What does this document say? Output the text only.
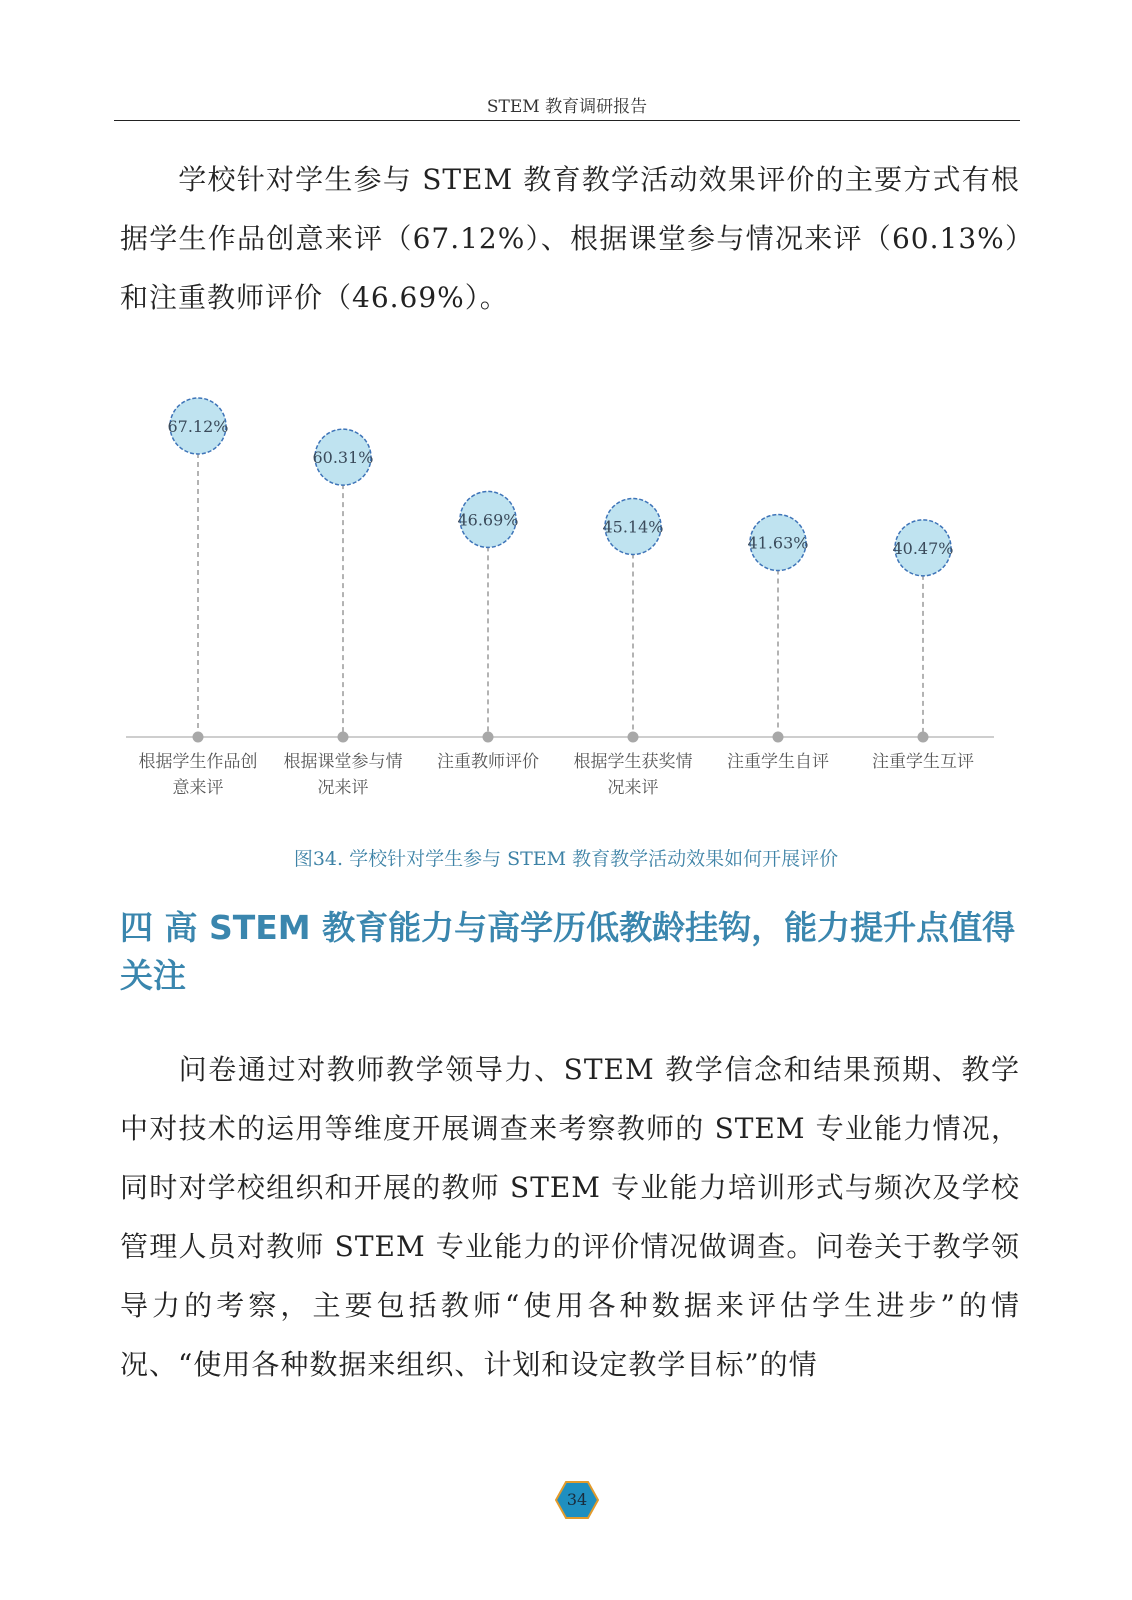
STEM 教育调研报告

学校针对学生参与 STEM 教育教学活动效果评价的主要方式有根据学生作品创意来评（67.12%）、根据课堂参与情况来评（60.13%）和注重教师评价（46.69%）。

67.12%
根据学生作品创
意来评
60.31%
根据课堂参与情
况来评
46.69%
注重教师评价
45.14%
根据学生获奖情
况来评
41.63%
注重学生自评
40.47%
注重学生互评
图34. 学校针对学生参与 STEM 教育教学活动效果如何开展评价
四 高 STEM 教育能力与高学历低教龄挂钩，能力提升点值得关注

问卷通过对教师教学领导力、STEM 教学信念和结果预期、教学中对技术的运用等维度开展调查来考察教师的 STEM 专业能力情况，同时对学校组织和开展的教师 STEM 专业能力培训形式与频次及学校管理人员对教师 STEM 专业能力的评价情况做调查。问卷关于教学领导力的考察，主要包括教师“使用各种数据来评估学生进步”的情况、“使用各种数据来组织、计划和设定教学目标”的情

34
